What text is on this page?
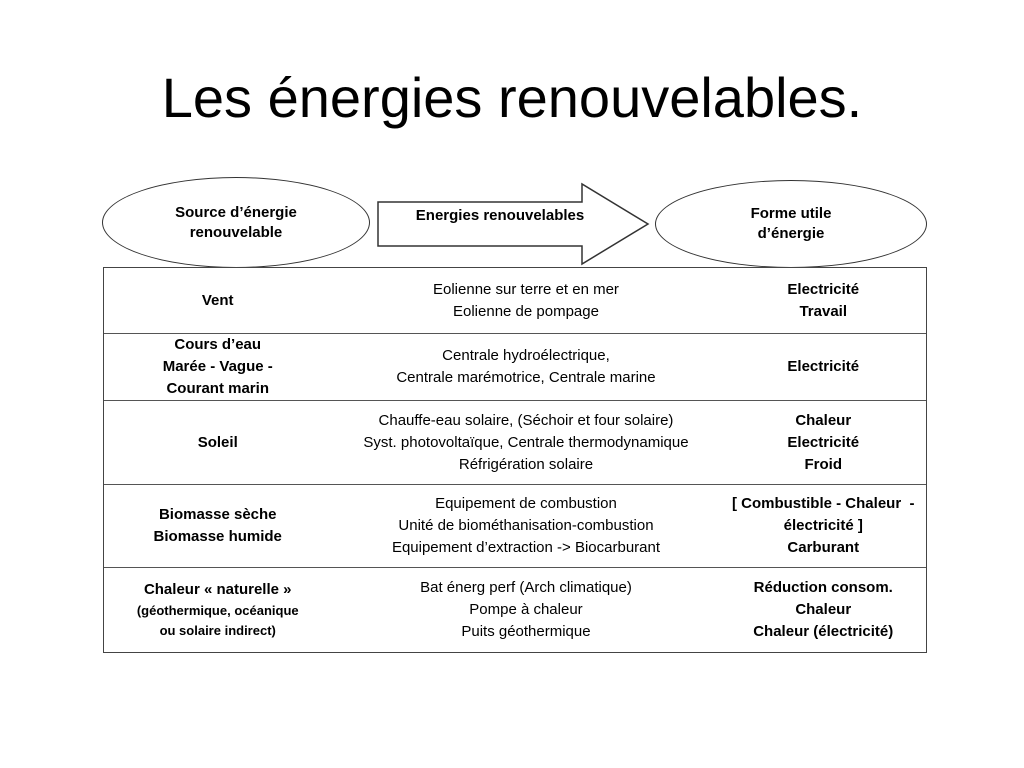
Les énergies renouvelables.
Source d’énergie
renouvelable
Energies renouvelables	Forme utile
d’énergie
Vent
Eolienne sur terre et en mer
Eolienne de pompage
Electricité
Travail
Cours d’eau
Marée - Vague -
Courant marin
Centrale hydroélectrique,
Centrale marémotrice, Centrale marine
Electricité
Soleil
Chauffe-eau solaire, (Séchoir et four solaire)
Syst. photovoltaïque, Centrale thermodynamique
Réfrigération solaire
Chaleur
Electricité
Froid
Biomasse sèche
Biomasse humide
Equipement de combustion
Unité de biométhanisation-combustion
Equipement d’extraction -> Biocarburant
[ Combustible - Chaleur  -
électricité ]
Carburant
Chaleur « naturelle »
(géothermique, océanique
ou solaire indirect)
Bat énerg perf (Arch climatique)
Pompe à chaleur
Puits géothermique
Réduction consom.
Chaleur
Chaleur (électricité)
